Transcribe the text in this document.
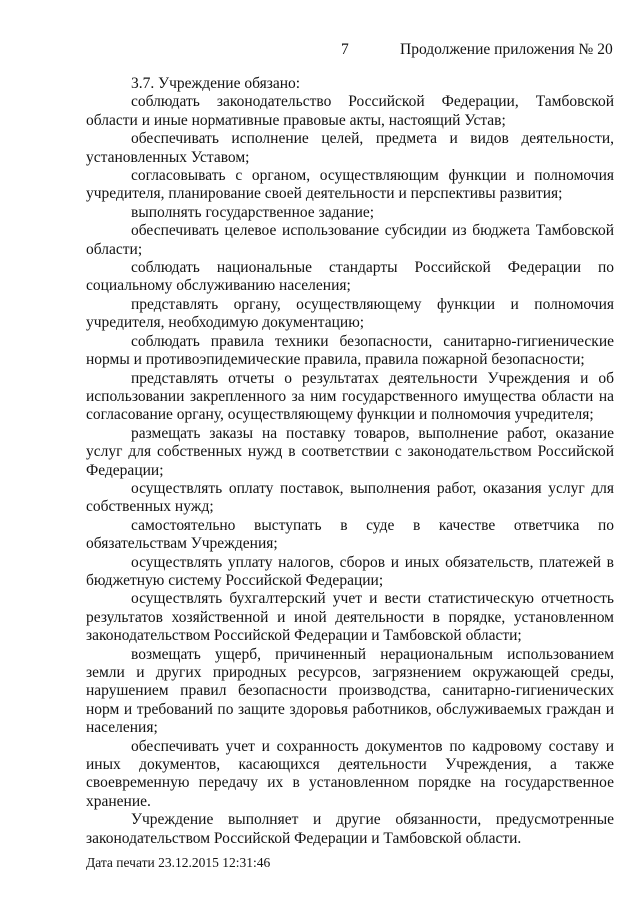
7	Продолжение приложения № 20

3.7. Учреждение обязано:

соблюдать законодательство Российской Федерации, Тамбовской области и иные нормативные правовые акты, настоящий Устав;

обеспечивать исполнение целей, предмета и видов деятельности, установленных Уставом;

согласовывать с органом, осуществляющим функции и полномочия учредителя, планирование своей деятельности и перспективы развития;

выполнять государственное задание;

обеспечивать целевое использование субсидии из бюджета Тамбовской области;

соблюдать национальные стандарты Российской Федерации по социальному обслуживанию населения;

представлять органу, осуществляющему функции и полномочия учредителя, необходимую документацию;

соблюдать правила техники безопасности, санитарно-гигиенические нормы и противоэпидемические правила, правила пожарной безопасности;

представлять отчеты о результатах деятельности Учреждения и об использовании закрепленного за ним государственного имущества области на согласование органу, осуществляющему функции и полномочия учредителя;

размещать заказы на поставку товаров, выполнение работ, оказание услуг для собственных нужд в соответствии с законодательством Российской Федерации;

осуществлять оплату поставок, выполнения работ, оказания услуг для собственных нужд;

самостоятельно выступать в суде в качестве ответчика по обязательствам Учреждения;

осуществлять уплату налогов, сборов и иных обязательств, платежей в бюджетную систему Российской Федерации;

осуществлять бухгалтерский учет и вести статистическую отчетность результатов хозяйственной и иной деятельности в порядке, установленном законодательством Российской Федерации и Тамбовской области;

возмещать ущерб, причиненный нерациональным использованием земли и других природных ресурсов, загрязнением окружающей среды, нарушением правил безопасности производства, санитарно-гигиенических норм и требований по защите здоровья работников, обслуживаемых граждан и населения;

обеспечивать учет и сохранность документов по кадровому составу и иных документов, касающихся деятельности Учреждения, а также своевременную передачу их в установленном порядке на государственное хранение.

Учреждение выполняет и другие обязанности, предусмотренные законодательством Российской Федерации и Тамбовской области.

Дата печати 23.12.2015 12:31:46
